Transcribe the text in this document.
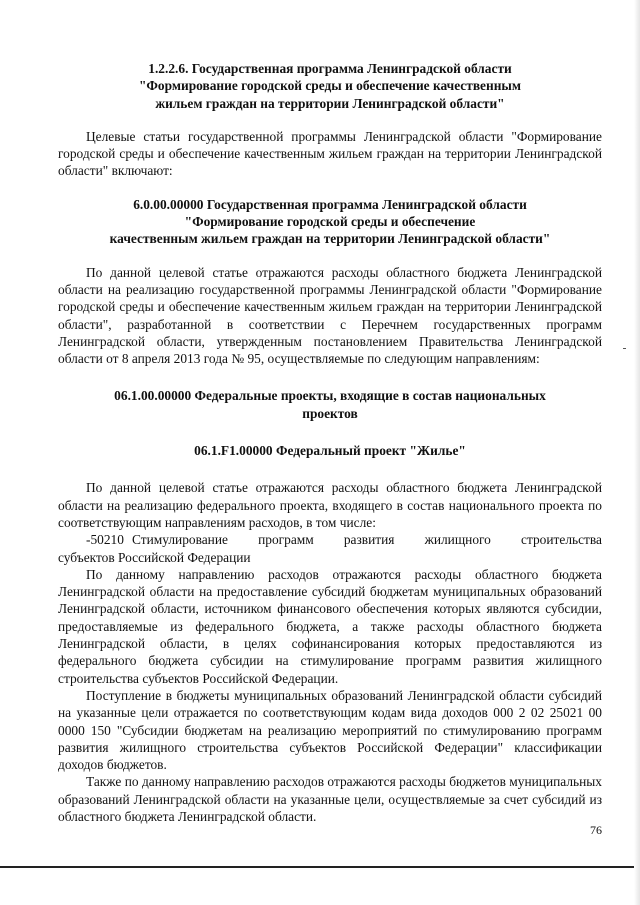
1.2.2.6. Государственная программа Ленинградской области

"Формирование городской среды и обеспечение качественным

жильем граждан на территории Ленинградской области"

Целевые статьи государственной программы Ленинградской области "Формирование городской среды и обеспечение качественным жильем граждан на территории Ленинградской области" включают:

6.0.00.00000 Государственная программа Ленинградской области

"Формирование городской среды и обеспечение

качественным жильем граждан на территории Ленинградской области"

По данной целевой статье отражаются расходы областного бюджета Ленинградской области на реализацию государственной программы Ленинградской области "Формирование городской среды и обеспечение качественным жильем граждан на территории Ленинградской области", разработанной в соответствии с Перечнем государственных программ Ленинградской области, утвержденным постановлением Правительства Ленинградской области от 8 апреля 2013 года № 95, осуществляемые по следующим направлениям:

06.1.00.00000 Федеральные проекты, входящие в состав национальных

проектов

06.1.F1.00000 Федеральный проект "Жилье"

По данной целевой статье отражаются расходы областного бюджета Ленинградской области на реализацию федерального проекта, входящего в состав национального проекта по соответствующим направлениям расходов, в том числе:

-50210 Стимулирование программ развития жилищного строительства

субъектов Российской Федерации

По данному направлению расходов отражаются расходы областного бюджета Ленинградской области на предоставление субсидий бюджетам муниципальных образований Ленинградской области, источником финансового обеспечения которых являются субсидии, предоставляемые из федерального бюджета, а также расходы областного бюджета Ленинградской области, в целях софинансирования которых предоставляются из федерального бюджета субсидии на стимулирование программ развития жилищного строительства субъектов Российской Федерации.

Поступление в бюджеты муниципальных образований Ленинградской области субсидий на указанные цели отражается по соответствующим кодам вида доходов 000 2 02 25021 00 0000 150 "Субсидии бюджетам на реализацию мероприятий по стимулированию программ развития жилищного строительства субъектов Российской Федерации" классификации доходов бюджетов.

Также по данному направлению расходов отражаются расходы бюджетов муниципальных образований Ленинградской области на указанные цели, осуществляемые за счет субсидий из областного бюджета Ленинградской области.

76
